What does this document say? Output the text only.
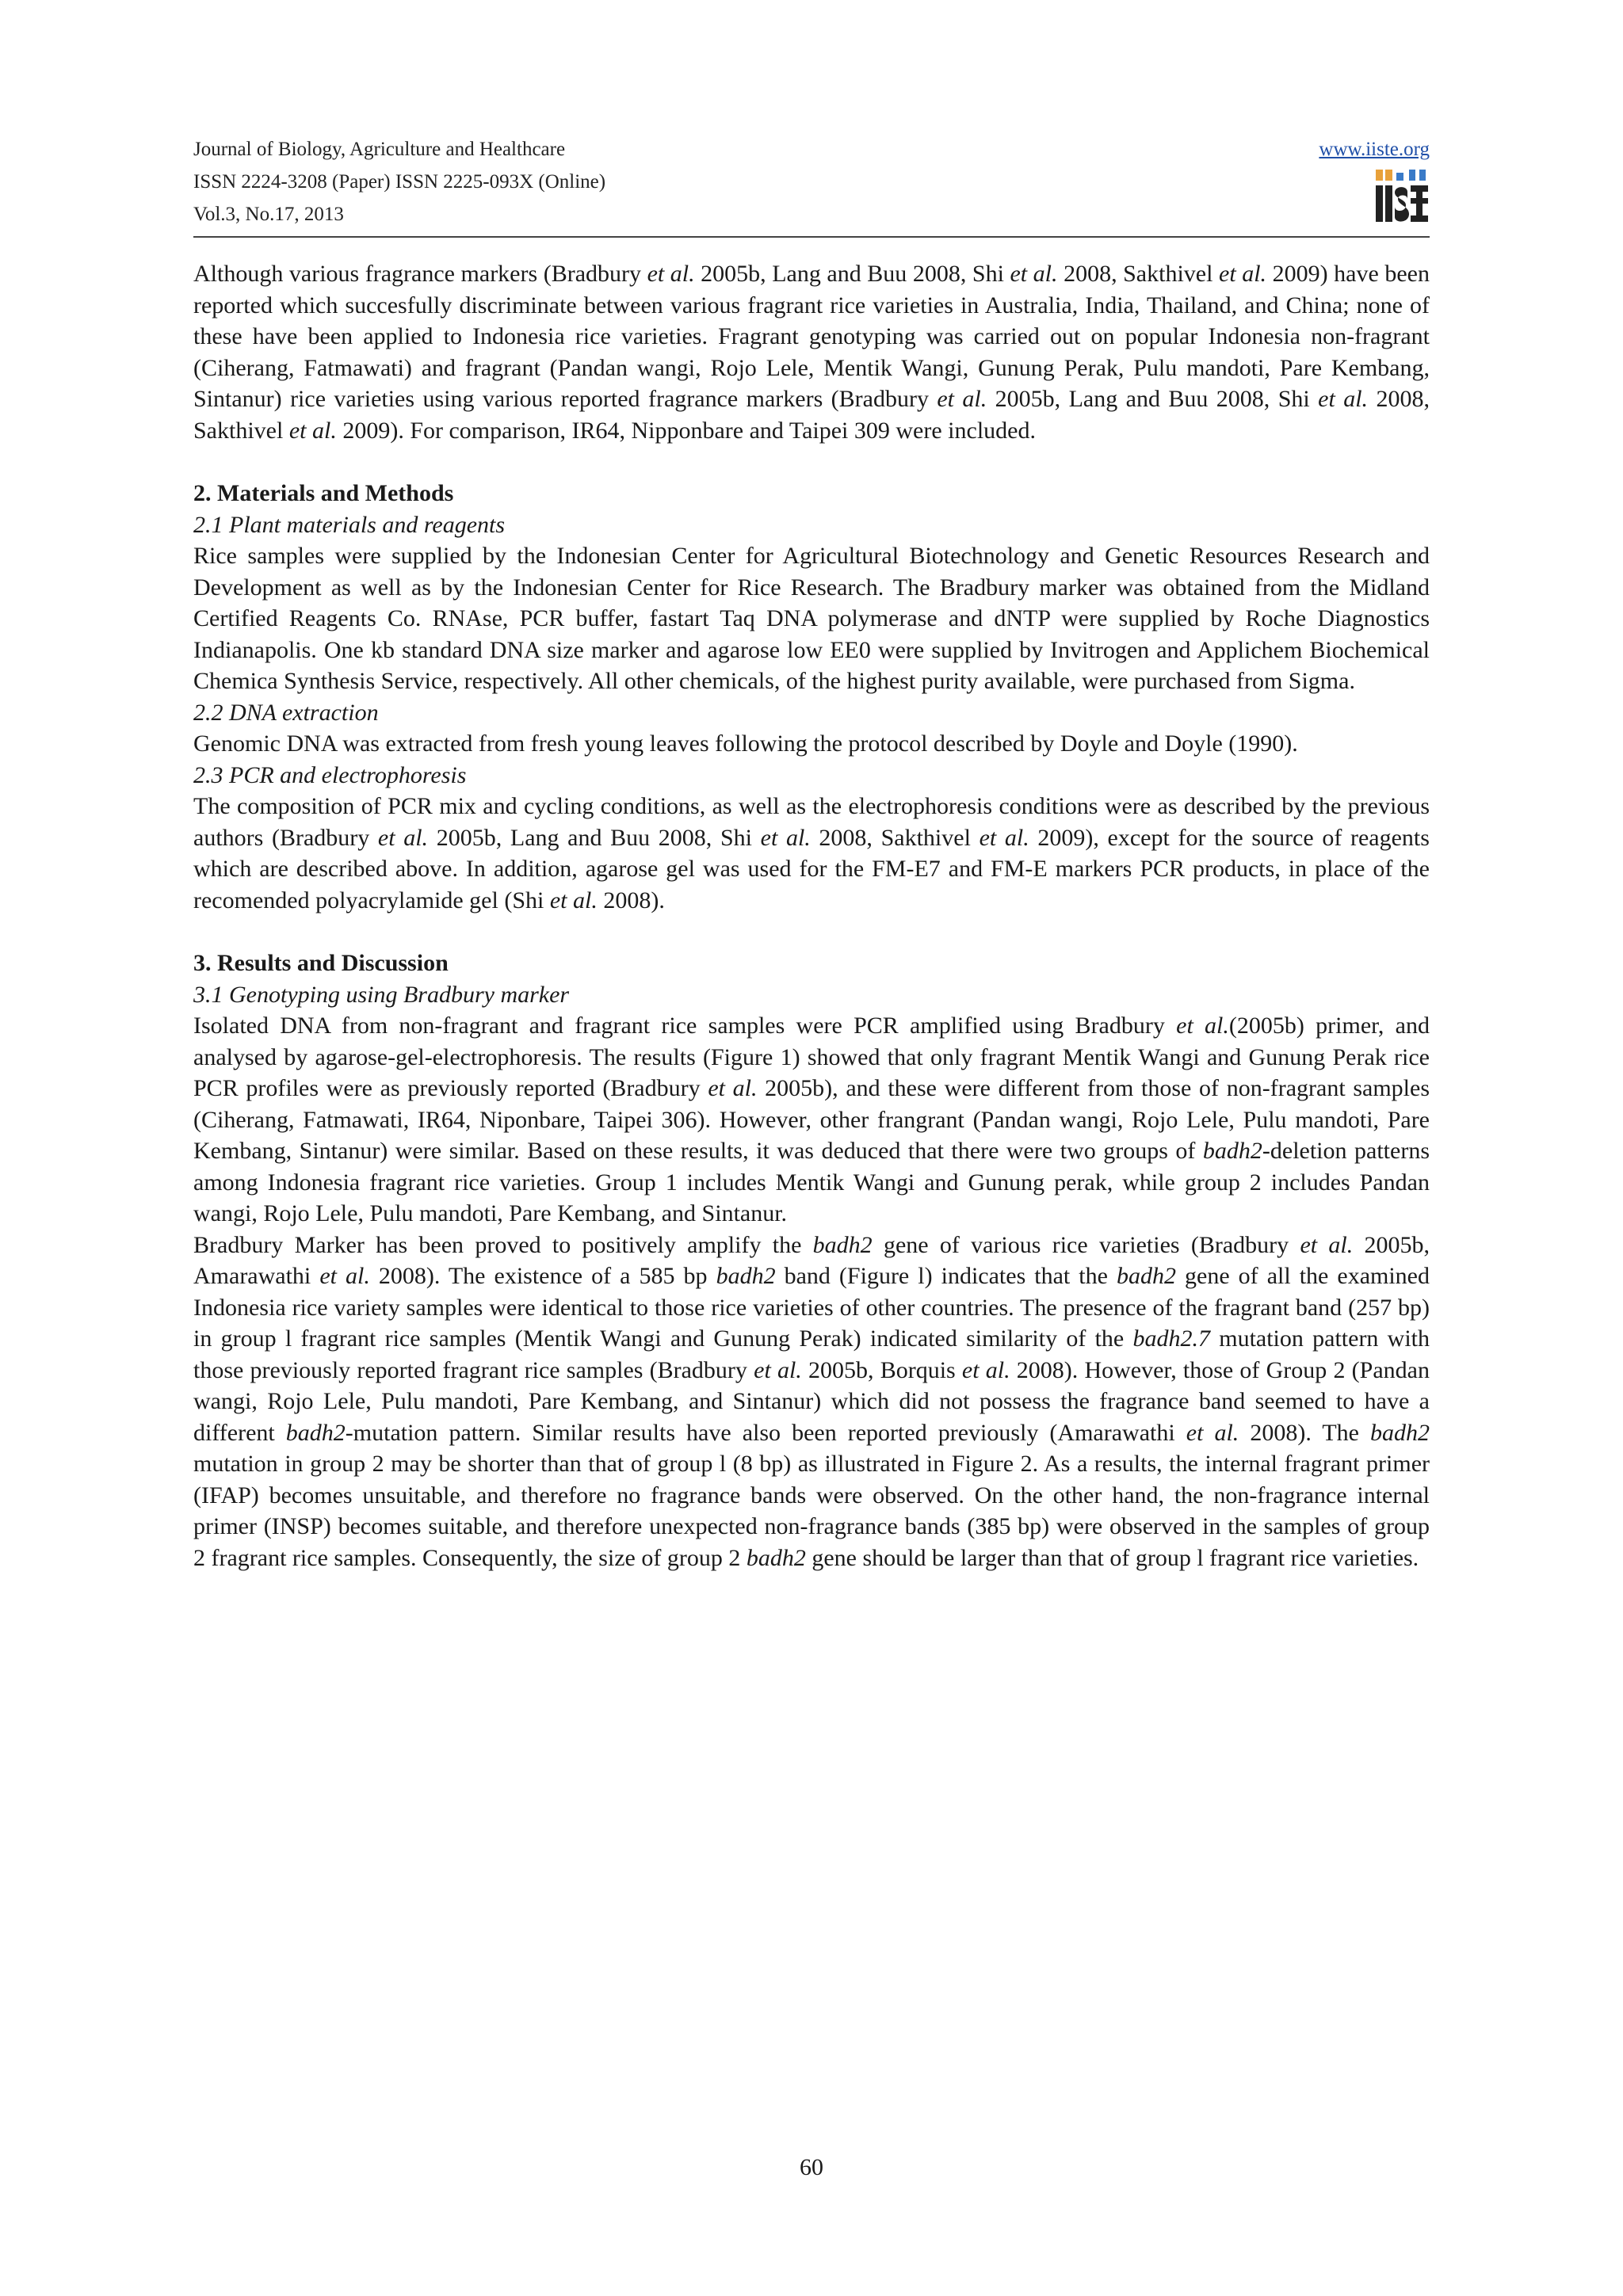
Journal of Biology, Agriculture and Healthcare
ISSN 2224-3208 (Paper) ISSN 2225-093X (Online)
Vol.3, No.17, 2013
www.iiste.org

Although various fragrance markers (Bradbury et al. 2005b, Lang and Buu 2008, Shi et al. 2008, Sakthivel et al. 2009) have been reported which succesfully discriminate between various fragrant rice varieties in Australia, India, Thailand, and China; none of these have been applied to Indonesia rice varieties. Fragrant genotyping was carried out on popular Indonesia non-fragrant (Ciherang, Fatmawati) and fragrant (Pandan wangi, Rojo Lele, Mentik Wangi, Gunung Perak, Pulu mandoti, Pare Kembang, Sintanur) rice varieties using various reported fragrance markers (Bradbury et al. 2005b, Lang and Buu 2008, Shi et al. 2008, Sakthivel et al. 2009). For comparison, IR64, Nipponbare and Taipei 309 were included.

2. Materials and Methods
2.1 Plant materials and reagents

Rice samples were supplied by the Indonesian Center for Agricultural Biotechnology and Genetic Resources Research and Development as well as by the Indonesian Center for Rice Research. The Bradbury marker was obtained from the Midland Certified Reagents Co. RNAse, PCR buffer, fastart Taq DNA polymerase and dNTP were supplied by Roche Diagnostics Indianapolis. One kb standard DNA size marker and agarose low EE0 were supplied by Invitrogen and Applichem Biochemical Chemica Synthesis Service, respectively. All other chemicals, of the highest purity available, were purchased from Sigma.

2.2 DNA extraction

Genomic DNA was extracted from fresh young leaves following the protocol described by Doyle and Doyle (1990).

2.3 PCR and electrophoresis

The composition of PCR mix and cycling conditions, as well as the electrophoresis conditions were as described by the previous authors (Bradbury et al. 2005b, Lang and Buu 2008, Shi et al. 2008, Sakthivel et al. 2009), except for the source of reagents which are described above. In addition, agarose gel was used for the FM-E7 and FM-E markers PCR products, in place of the recomended polyacrylamide gel (Shi et al. 2008).

3. Results and Discussion
3.1 Genotyping using Bradbury marker

Isolated DNA from non-fragrant and fragrant rice samples were PCR amplified using Bradbury et al.(2005b) primer, and analysed by agarose-gel-electrophoresis. The results (Figure 1) showed that only fragrant Mentik Wangi and Gunung Perak rice PCR profiles were as previously reported (Bradbury et al. 2005b), and these were different from those of non-fragrant samples (Ciherang, Fatmawati, IR64, Niponbare, Taipei 306). However, other frangrant (Pandan wangi, Rojo Lele, Pulu mandoti, Pare Kembang, Sintanur) were similar. Based on these results, it was deduced that there were two groups of badh2-deletion patterns among Indonesia fragrant rice varieties. Group 1 includes Mentik Wangi and Gunung perak, while group 2 includes Pandan wangi, Rojo Lele, Pulu mandoti, Pare Kembang, and Sintanur.

Bradbury Marker has been proved to positively amplify the badh2 gene of various rice varieties (Bradbury et al. 2005b, Amarawathi et al. 2008). The existence of a 585 bp badh2 band (Figure l) indicates that the badh2 gene of all the examined Indonesia rice variety samples were identical to those rice varieties of other countries. The presence of the fragrant band (257 bp) in group l fragrant rice samples (Mentik Wangi and Gunung Perak) indicated similarity of the badh2.7 mutation pattern with those previously reported fragrant rice samples (Bradbury et al. 2005b, Borquis et al. 2008). However, those of Group 2 (Pandan wangi, Rojo Lele, Pulu mandoti, Pare Kembang, and Sintanur) which did not possess the fragrance band seemed to have a different badh2-mutation pattern. Similar results have also been reported previously (Amarawathi et al. 2008). The badh2 mutation in group 2 may be shorter than that of group l (8 bp) as illustrated in Figure 2. As a results, the internal fragrant primer (IFAP) becomes unsuitable, and therefore no fragrance bands were observed. On the other hand, the non-fragrance internal primer (INSP) becomes suitable, and therefore unexpected non-fragrance bands (385 bp) were observed in the samples of group 2 fragrant rice samples. Consequently, the size of group 2 badh2 gene should be larger than that of group l fragrant rice varieties.

60
